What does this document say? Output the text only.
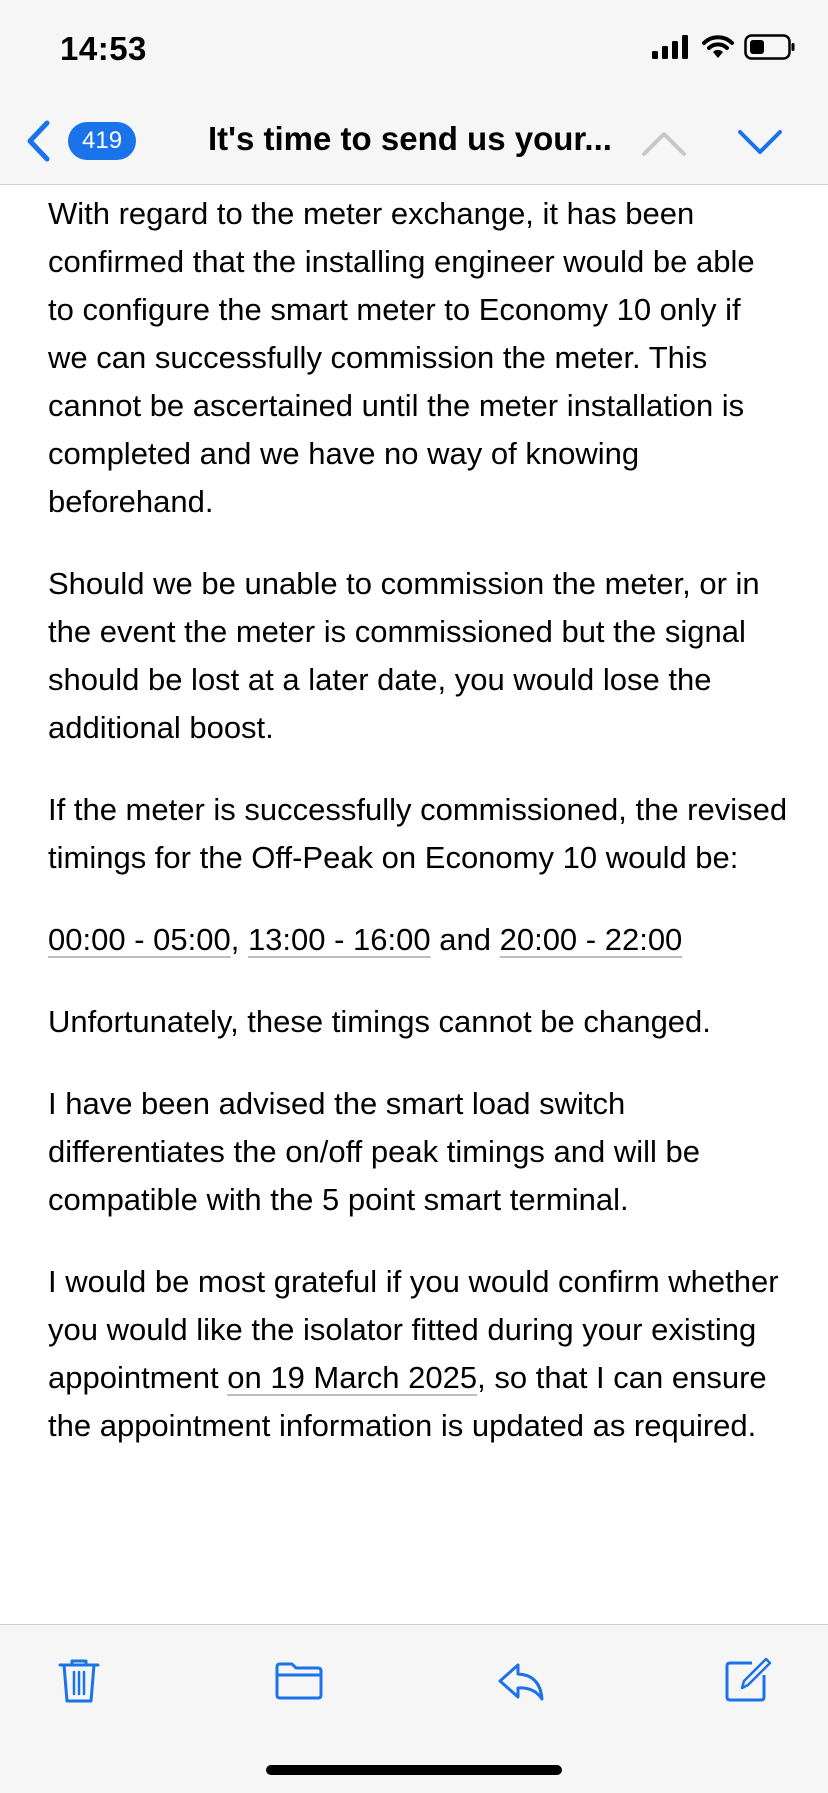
14:53
419	It's time to send us your...

With regard to the meter exchange, it has been confirmed that the installing engineer would be able to configure the smart meter to Economy 10 only if we can successfully commission the meter. This cannot be ascertained until the meter installation is completed and we have no way of knowing beforehand.

Should we be unable to commission the meter, or in the event the meter is commissioned but the signal should be lost at a later date, you would lose the additional boost.

If the meter is successfully commissioned, the revised timings for the Off-Peak on Economy 10 would be:

00:00 - 05:00, 13:00 - 16:00 and 20:00 - 22:00

Unfortunately, these timings cannot be changed.

I have been advised the smart load switch differentiates the on/off peak timings and will be compatible with the 5 point smart terminal.

I would be most grateful if you would confirm whether you would like the isolator fitted during your existing appointment on 19 March 2025, so that I can ensure the appointment information is updated as required.
